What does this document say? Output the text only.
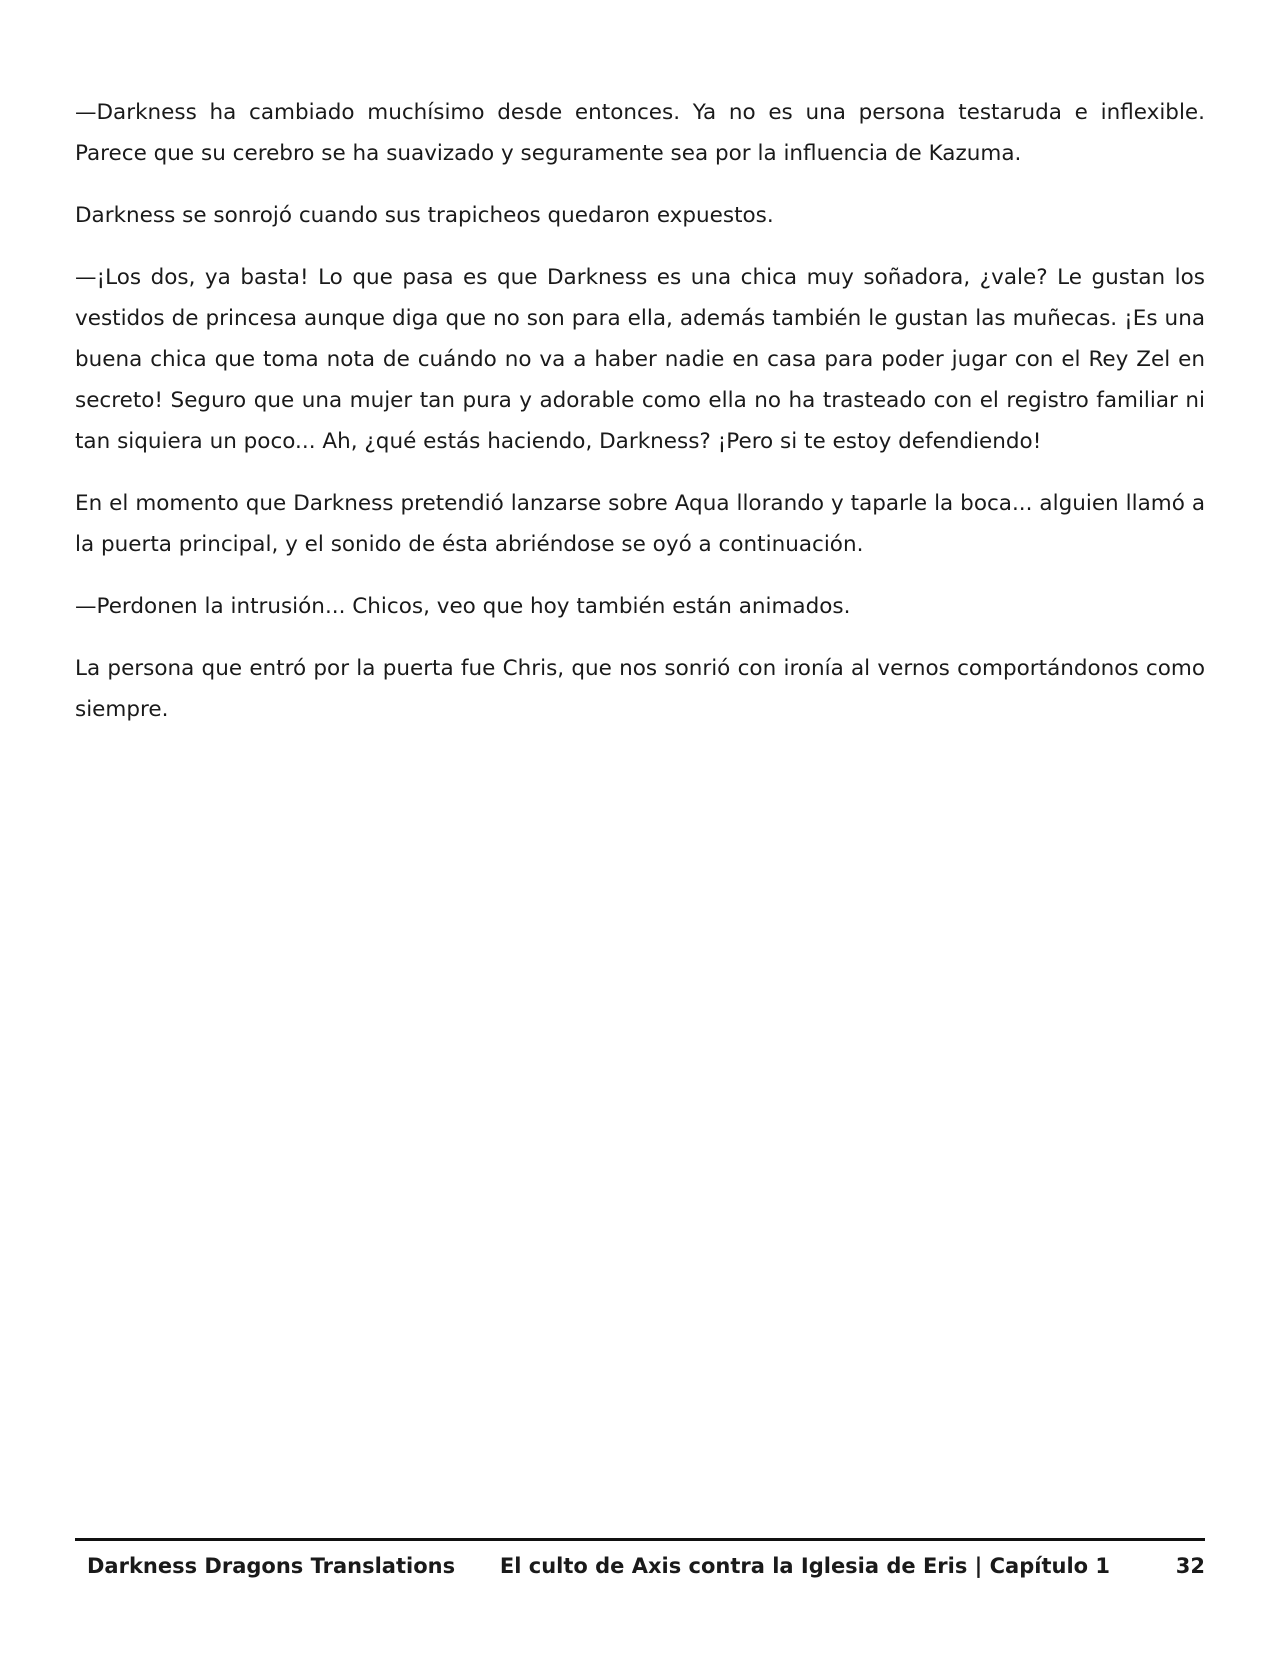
—Darkness ha cambiado muchísimo desde entonces. Ya no es una persona testaruda e inflexible. Parece que su cerebro se ha suavizado y seguramente sea por la influencia de Kazuma.

Darkness se sonrojó cuando sus trapicheos quedaron expuestos.

—¡Los dos, ya basta! Lo que pasa es que Darkness es una chica muy soñadora, ¿vale? Le gustan los vestidos de princesa aunque diga que no son para ella, además también le gustan las muñecas. ¡Es una buena chica que toma nota de cuándo no va a haber nadie en casa para poder jugar con el Rey Zel en secreto! Seguro que una mujer tan pura y adorable como ella no ha trasteado con el registro familiar ni tan siquiera un poco... Ah, ¿qué estás haciendo, Darkness? ¡Pero si te estoy defendiendo!

En el momento que Darkness pretendió lanzarse sobre Aqua llorando y taparle la boca... alguien llamó a la puerta principal, y el sonido de ésta abriéndose se oyó a continuación.

—Perdonen la intrusión... Chicos, veo que hoy también están animados.

La persona que entró por la puerta fue Chris, que nos sonrió con ironía al vernos comportándonos como siempre.

Darkness Dragons Translations El culto de Axis contra la Iglesia de Eris | Capítulo 1	32
